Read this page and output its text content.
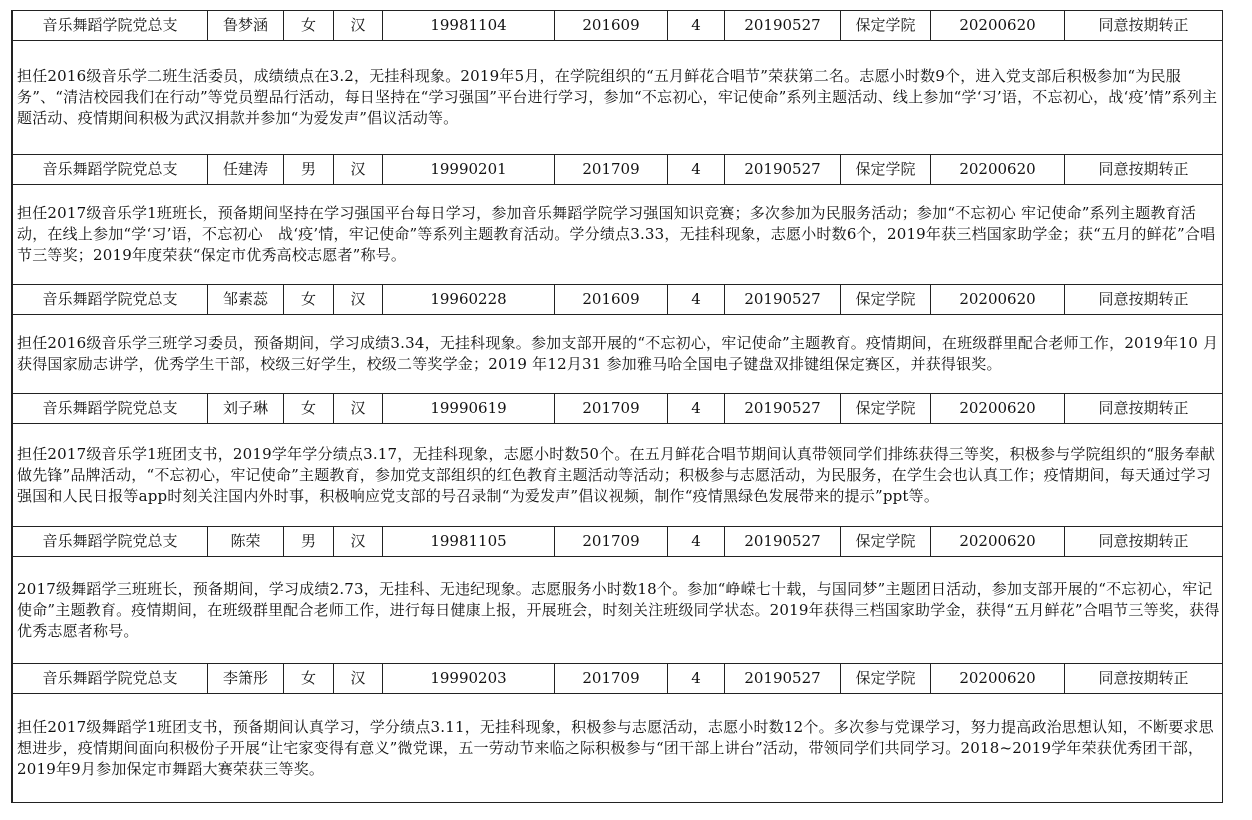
音乐舞蹈学院党总支	鲁梦涵	女	汉	19981104	201609	4	20190527	保定学院	20200620	同意按期转正
担任2016级音乐学二班生活委员，成绩绩点在3.2，无挂科现象。2019年5月，在学院组织的“五月鲜花合唱节”荣获第二名。志愿小时数9个，进入党支部后积极参加“为民服务”、“清洁校园我们在行动”等党员塑品行活动，每日坚持在“学习强国”平台进行学习，参加“不忘初心，牢记使命”系列主题活动、线上参加“学‘习’语，不忘初心，战‘疫’情”系列主题活动、疫情期间积极为武汉捐款并参加“为爱发声”倡议活动等。										
音乐舞蹈学院党总支	任建涛	男	汉	19990201	201709	4	20190527	保定学院	20200620	同意按期转正
担任2017级音乐学1班班长，预备期间坚持在学习强国平台每日学习，参加音乐舞蹈学院学习强国知识竞赛；多次参加为民服务活动；参加“不忘初心 牢记使命”系列主题教育活动，在线上参加“学‘习’语，不忘初心　战‘疫’情，牢记使命”等系列主题教育活动。学分绩点3.33，无挂科现象，志愿小时数6个，2019年获三档国家助学金；获“五月的鲜花”合唱节三等奖；2019年度荣获“保定市优秀高校志愿者”称号。										
音乐舞蹈学院党总支	邹素蕊	女	汉	19960228	201609	4	20190527	保定学院	20200620	同意按期转正
担任2016级音乐学三班学习委员，预备期间，学习成绩3.34，无挂科现象。参加支部开展的“不忘初心，牢记使命”主题教育。疫情期间，在班级群里配合老师工作，2019年10 月获得国家励志讲学，优秀学生干部，校级三好学生，校级二等奖学金；2019 年12月31 参加雅马哈全国电子键盘双排键组保定赛区，并获得银奖。										
音乐舞蹈学院党总支	刘子琳	女	汉	19990619	201709	4	20190527	保定学院	20200620	同意按期转正
担任2017级音乐学1班团支书，2019学年学分绩点3.17，无挂科现象，志愿小时数50个。在五月鲜花合唱节期间认真带领同学们排练获得三等奖，积极参与学院组织的“服务奉献做先锋”品牌活动，“不忘初心，牢记使命”主题教育，参加党支部组织的红色教育主题活动等活动；积极参与志愿活动，为民服务，在学生会也认真工作；疫情期间，每天通过学习强国和人民日报等app时刻关注国内外时事，积极响应党支部的号召录制“为爱发声”倡议视频，制作“疫情黑绿色发展带来的提示”ppt等。										
音乐舞蹈学院党总支	陈荣	男	汉	19981105	201709	4	20190527	保定学院	20200620	同意按期转正
2017级舞蹈学三班班长，预备期间，学习成绩2.73，无挂科、无违纪现象。志愿服务小时数18个。参加“峥嵘七十载，与国同梦”主题团日活动，参加支部开展的“不忘初心，牢记使命”主题教育。疫情期间，在班级群里配合老师工作，进行每日健康上报，开展班会，时刻关注班级同学状态。2019年获得三档国家助学金，获得“五月鲜花”合唱节三等奖，获得优秀志愿者称号。										
音乐舞蹈学院党总支	李箫彤	女	汉	19990203	201709	4	20190527	保定学院	20200620	同意按期转正
担任2017级舞蹈学1班团支书，预备期间认真学习，学分绩点3.11，无挂科现象，积极参与志愿活动，志愿小时数12个。多次参与党课学习，努力提高政治思想认知，不断要求思想进步，疫情期间面向积极份子开展“让宅家变得有意义”微党课，五一劳动节来临之际积极参与“团干部上讲台”活动，带领同学们共同学习。2018~2019学年荣获优秀团干部，2019年9月参加保定市舞蹈大赛荣获三等奖。										
